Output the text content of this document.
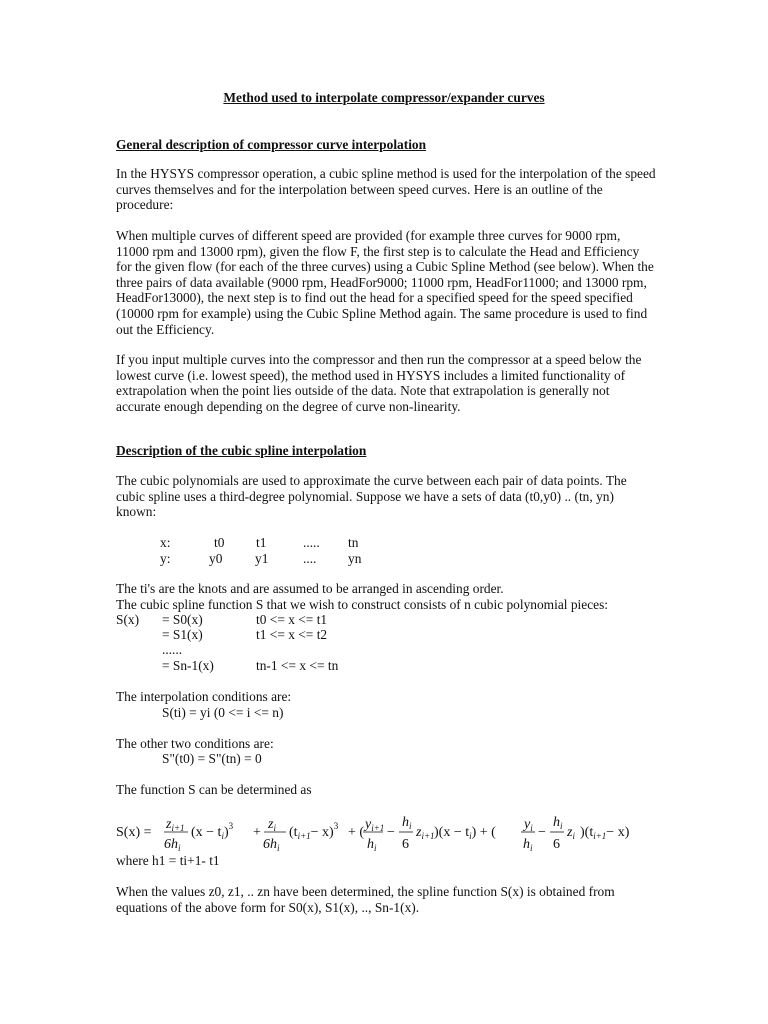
Method used to interpolate compressor/expander curves
General description of compressor curve interpolation

In the HYSYS compressor operation, a cubic spline method is used for the interpolation of the speed curves themselves and for the interpolation between speed curves. Here is an outline of the procedure:

When multiple curves of different speed are provided (for example three curves for 9000 rpm, 11000 rpm and 13000 rpm), given the flow F, the first step is to calculate the Head and Efficiency for the given flow (for each of the three curves) using a Cubic Spline Method (see below). When the three pairs of data available (9000 rpm, HeadFor9000; 11000 rpm, HeadFor11000; and 13000 rpm, HeadFor13000), the next step is to find out the head for a specified speed for the speed specified (10000 rpm for example) using the Cubic Spline Method again. The same procedure is used to find out the Efficiency.

If you input multiple curves into the compressor and then run the compressor at a speed below the lowest curve (i.e. lowest speed), the method used in HYSYS includes a limited functionality of extrapolation when the point lies outside of the data. Note that extrapolation is generally not accurate enough depending on the degree of curve non-linearity.

Description of the cubic spline interpolation

The cubic polynomials are used to approximate the curve between each pair of data points. The cubic spline uses a third-degree polynomial. Suppose we have a sets of data (t0,y0) .. (tn, yn) known:

x:	t0 t1	..... tn
y:	y0 y1	.... yn
The ti's are the knots and are assumed to be arranged in ascending order.
The cubic spline function S that we wish to construct consists of n cubic polynomial pieces:
S(x) = S0(x)	t0 <= x <= t1
= S1(x)	t1 <= x <= t2
......
= Sn-1(x)	tn-1 <= x <= tn
The interpolation conditions are:
S(ti) = yi (0 <= i <= n)
The other two conditions are:
S"(t0) = S"(tn) = 0
The function S can be determined as
S(x) =
$z_{i+1}$
$6h_i$
$(x - t_i)^3$ +
$z_i$
$6h_i$
$(t_{i+1}- x)^3$ + (
$y_{i+1}$
$h_i$
−
$h_i$
6
$z_{i+1}$ )$(x - t_i)$ + (
$y_i$
$h_i$
−
$h_i$
6
$z_i$ )$(t_{i+1}- x)$
where h1 = ti+1- t1

When the values z0, z1, .. zn have been determined, the spline function S(x) is obtained from equations of the above form for S0(x), S1(x), .., Sn-1(x).
